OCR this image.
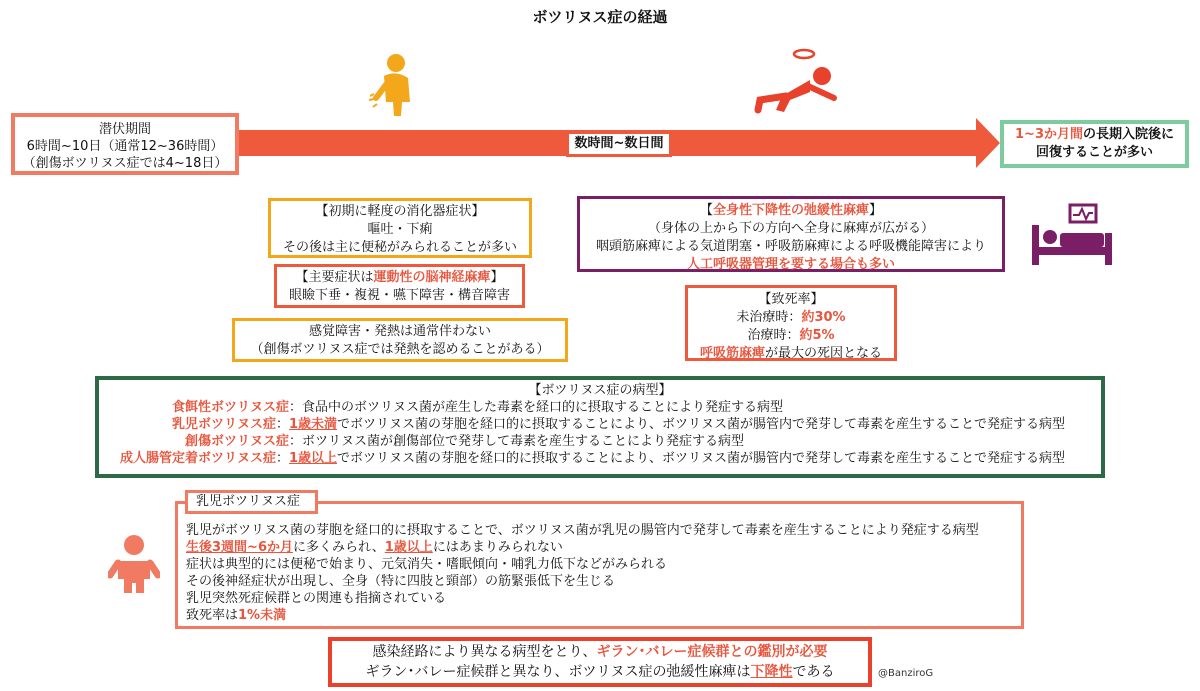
ボツリヌス症の経過
潜伏期間
6時間~10日（通常12~36時間）
（創傷ボツリヌス症では4~18日）
数時間~数日間
1~3か月間の長期入院後に
回復することが多い
【初期に軽度の消化器症状】
嘔吐・下痢
その後は主に便秘がみられることが多い
【主要症状は運動性の脳神経麻痺】
眼瞼下垂・複視・嚥下障害・構音障害
感覚障害・発熱は通常伴わない
（創傷ボツリヌス症では発熱を認めることがある）
【全身性下降性の弛緩性麻痺】
（身体の上から下の方向へ全身に麻痺が広がる）
咽頭筋麻痺による気道閉塞・呼吸筋麻痺による呼吸機能障害により
人工呼吸器管理を要する場合も多い
【致死率】
未治療時：約30%
治療時：約5%
呼吸筋麻痺が最大の死因となる
【ボツリヌス症の病型】
食餌性ボツリヌス症 ：食品中のボツリヌス菌が産生した毒素を経口的に摂取することにより発症する病型
乳児ボツリヌス症： 1歳未満でボツリヌス菌の芽胞を経口的に摂取することにより、ボツリヌス菌が腸管内で発芽して毒素を産生することで発症する病型
創傷ボツリヌス症 ：ボツリヌス菌が創傷部位で発芽して毒素を産生することにより発症する病型
成人腸管定着ボツリヌス症： 1歳以上でボツリヌス菌の芽胞を経口的に摂取することにより、ボツリヌス菌が腸管内で発芽して毒素を産生することで発症する病型
乳児がボツリヌス菌の芽胞を経口的に摂取することで、ボツリヌス菌が乳児の腸管内で発芽して毒素を産生することにより発症する病型
生後3週間~6か月に多くみられ、1歳以上にはあまりみられない
症状は典型的には便秘で始まり、元気消失・嗜眠傾向・哺乳力低下などがみられる
その後神経症状が出現し、全身（特に四肢と頸部）の筋緊張低下を生じる
乳児突然死症候群との関連も指摘されている
致死率は1%未満
乳児ボツリヌス症
感染経路により異なる病型をとり、ギラン･バレー症候群との鑑別が必要
ギラン･バレー症候群と異なり、ボツリヌス症の弛緩性麻痺は下降性である	@BanziroG
